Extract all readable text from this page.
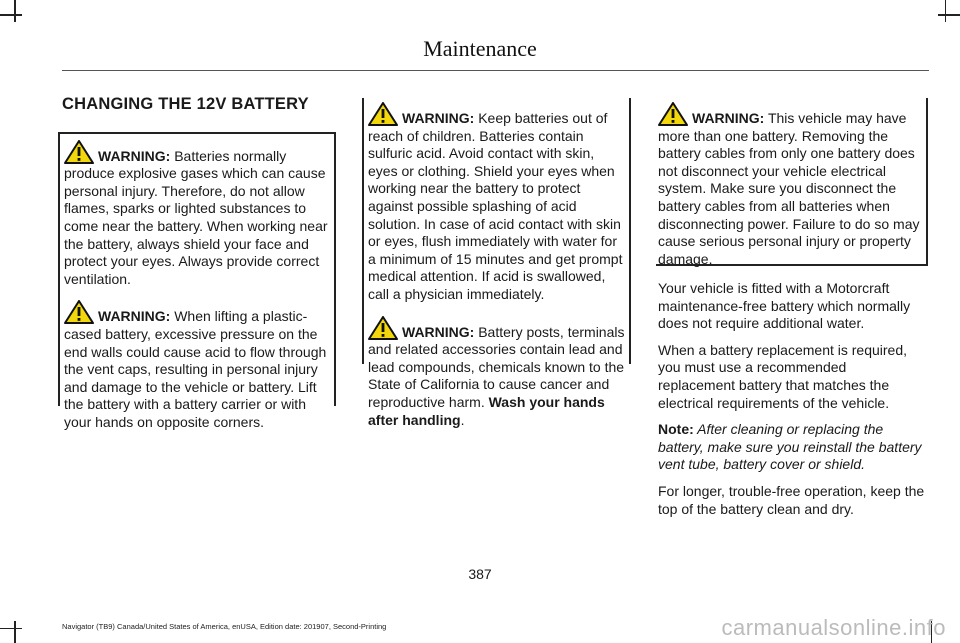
Maintenance
CHANGING THE 12V BATTERY

WARNING: Batteries normally produce explosive gases which can cause personal injury. Therefore, do not allow flames, sparks or lighted substances to come near the battery. When working near the battery, always shield your face and protect your eyes. Always provide correct ventilation.

WARNING: When lifting a plastic-cased battery, excessive pressure on the end walls could cause acid to flow through the vent caps, resulting in personal injury and damage to the vehicle or battery. Lift the battery with a battery carrier or with your hands on opposite corners.

WARNING: Keep batteries out of reach of children. Batteries contain sulfuric acid. Avoid contact with skin, eyes or clothing. Shield your eyes when working near the battery to protect against possible splashing of acid solution. In case of acid contact with skin or eyes, flush immediately with water for a minimum of 15 minutes and get prompt medical attention. If acid is swallowed, call a physician immediately.

WARNING: Battery posts, terminals and related accessories contain lead and lead compounds, chemicals known to the State of California to cause cancer and reproductive harm. Wash your hands after handling.

WARNING: This vehicle may have more than one battery. Removing the battery cables from only one battery does not disconnect your vehicle electrical system. Make sure you disconnect the battery cables from all batteries when disconnecting power. Failure to do so may cause serious personal injury or property damage.

Your vehicle is fitted with a Motorcraft maintenance-free battery which normally does not require additional water.

When a battery replacement is required, you must use a recommended replacement battery that matches the electrical requirements of the vehicle.

Note: After cleaning or replacing the battery, make sure you reinstall the battery vent tube, battery cover or shield.

For longer, trouble-free operation, keep the top of the battery clean and dry.

387
Navigator (TB9) Canada/United States of America, enUSA, Edition date: 201907, Second-Printing	carmanualsonline.info
